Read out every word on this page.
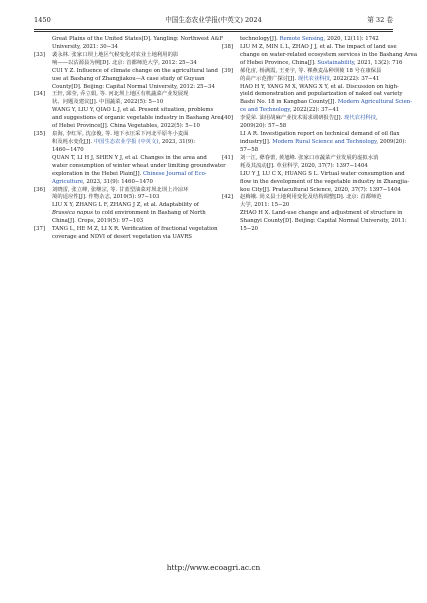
1450	中国生态农业学报(中英文) 2024	第 32 卷
Great Plains of the United States[D]. Yangling: Northwest A&F
University, 2021: 30−34
[33] 裴永林. 张家口坝上地区气候变化对农业土地利用的影
响——以沽源县为例[D]. 北京: 首都师范大学, 2012: 25−34
CUI Y Z. Influence of climate change on the agricultural land
use at Bashang of Zhangjiakou—A case study of Guyuan
County[D]. Beijing: Capital Normal University, 2012: 25−34
[34] 王轩, 邱莹, 乔立娟, 等. 河北坝上地区有机蔬菜产业发展现
状、问题及建议[J]. 中国蔬菜, 2022(5): 5−10
WANG Y, LIU Y, QIAO L J, et al. Present situation, problems
and suggestions of organic vegetable industry in Bashang Area
of Hebei Province[J]. China Vegetables, 2022(5): 5−10
[35] 泉海, 李红军, 沈彦俊, 等. 地下水压采下河北平原冬小麦面
积及耗水变化[J]. 中国生态农业学报 (中英文), 2023, 31(9):
1460−1470
QUAN T, LI H J, SHEN Y J, et al. Changes in the area and
water consumption of winter wheat under limiting groundwater
exploration in the Hebei Plain[J]. Chinese Journal of Eco-
Agriculture, 2023, 31(9): 1460−1470
[36] 刘晓雷, 张立峰, 张继宗, 等. 甘蓝型油菜对坝北坝上冷凉环
境的适应性[J]. 作物杂志, 2019(5): 97−103
LIU X Y, ZHANG L F, ZHANG J Z, et al. Adaptability of
Brassica napus to cold environment in Bashang of North
China[J]. Crops, 2019(5): 97−103
[37] TANG L, HE M Z, LI X R. Verification of fractional vegetation
coverage and NDVI of desert vegetation via UAVRS
technology[J]. Remote Sensing, 2020, 12(11): 1742
[38] LIU M Z, MIN L L, ZHAO J J, et al. The impact of land use
change on water-related ecosystem services in the Bashang Area
of Hebei Province, China[J]. Sustainability, 2021, 13(2): 716
[39] 郝化宙, 杨满霞, 王亚宇, 等. 裸燕麦品种坝莜 18 号在康保县
的高产示范推广探讨[J]. 现代农业科技, 2022(22): 37−41
HAO H Y, YANG M X, WANG X Y, et al. Discussion on high-
yield demonstration and popularization of naked oat variety
Bashi No. 18 in Kangbao County[J]. Modern Agricultural Scien-
ce and Technology, 2022(22): 37−41
[40] 李爱荣. 油用胡麻产业技术需求调研报告[J]. 现代农村科技,
2009(20): 57−58
LI A R. Investigation report on technical demand of oil flax
industry[J]. Modern Rural Science and Technology, 2009(20):
57−58
[41] 刘一江, 彝春蕾, 黄旭峰. 张家口市蔬菜产业发展的虚拟水消
耗及其流动[J]. 草业科学, 2020, 37(7): 1397−1404
LIU Y J, LU C X, HUANG S L. Virtual water consumption and
flow in the development of the vegetable industry in Zhangjia-
kou City[J]. Pratacultural Science, 2020, 37(7): 1397−1404
[42] 赵梅娥. 尚义县土地利用变化及结构调整[D]. 北京: 首都师范
大学, 2011: 15−20
ZHAO H X. Land-use change and adjustment of structure in
Shangyi County[D]. Beijing: Capital Normal University, 2011:
15−20
http://www.ecoagri.ac.cn
